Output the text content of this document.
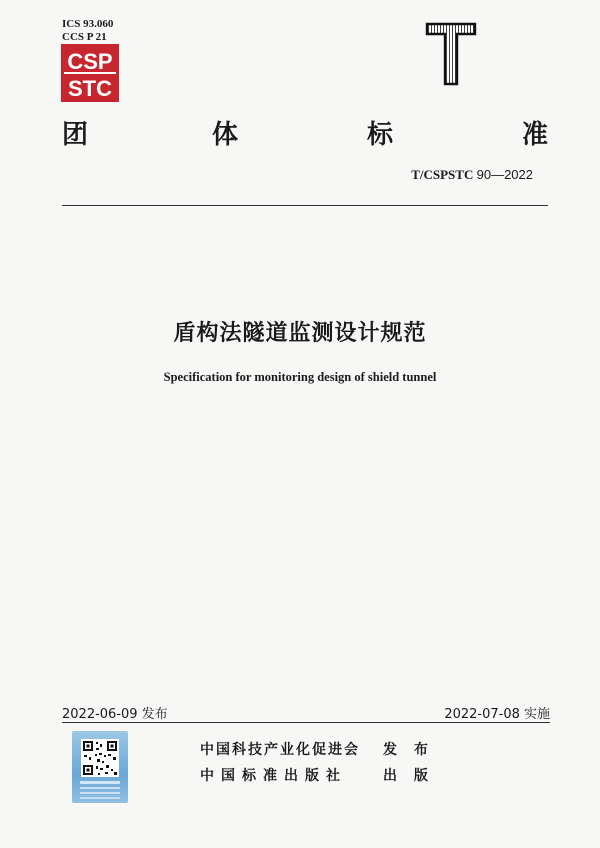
ICS 93.060
CCS P 21
CSP
STC
团	体	标	准
T/CSPSTC 90—2022
盾构法隧道监测设计规范
Specification for monitoring design of shield tunnel
2022-06-09 发布	2022-07-08 实施
中国科技产业化促进会 发 布
中国标准出版社	出 版
